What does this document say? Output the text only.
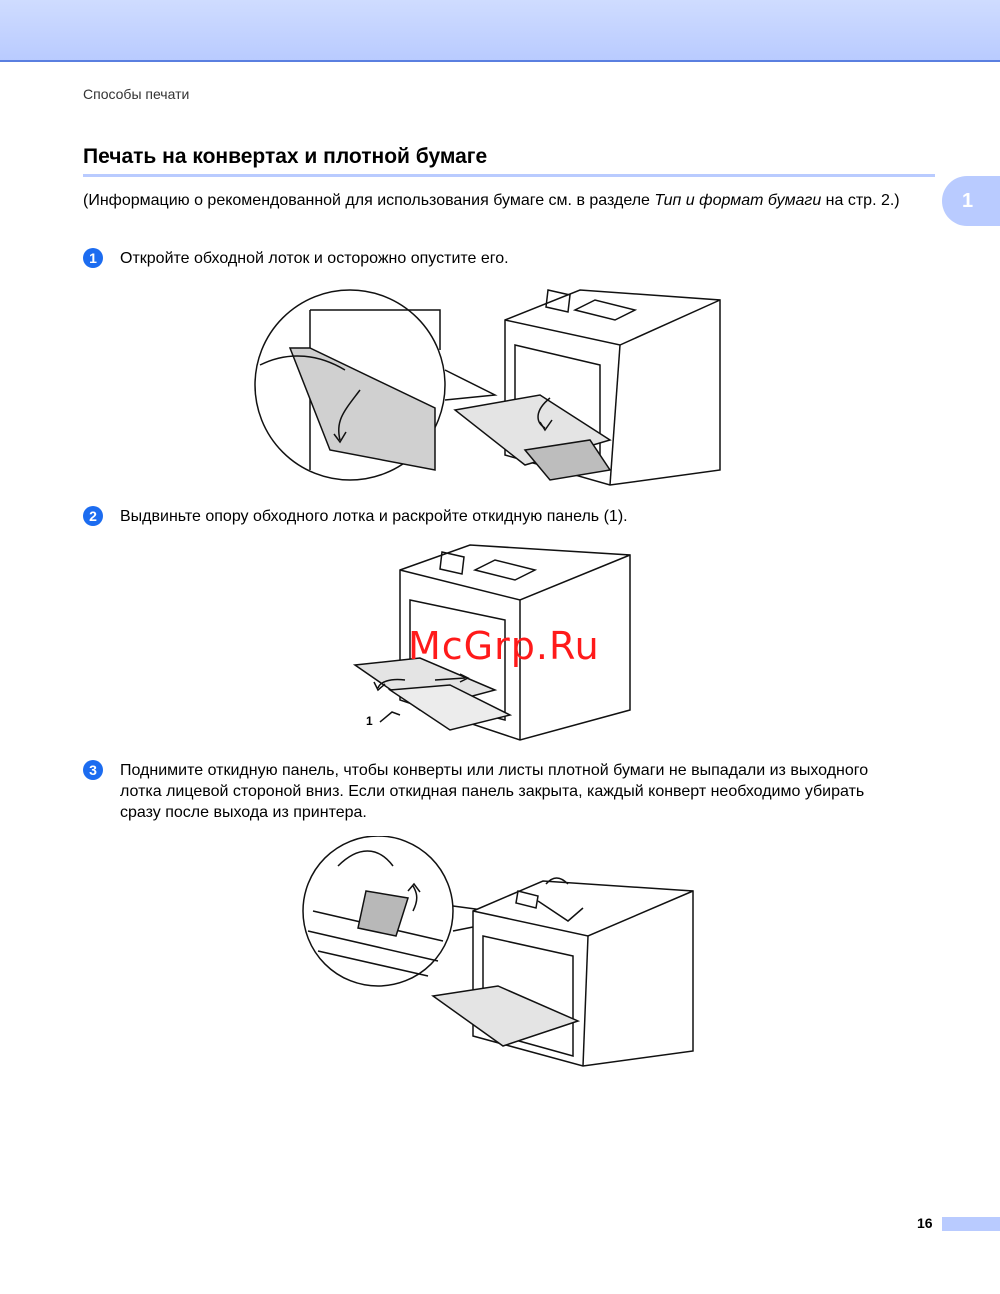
Способы печати
Печать на конвертах и плотной бумаге
1
(Информацию о рекомендованной для использования бумаге см. в разделе Тип и формат бумаги на стр. 2.)
1	Откройте обходной лоток и осторожно опустите его.
2	Выдвиньте опору обходного лотка и раскройте откидную панель (1).
1
McGrp.Ru
3	Поднимите откидную панель, чтобы конверты или листы плотной бумаги не выпадали из выходного лотка лицевой стороной вниз. Если откидная панель закрыта, каждый конверт необходимо убирать сразу после выхода из принтера.
16
